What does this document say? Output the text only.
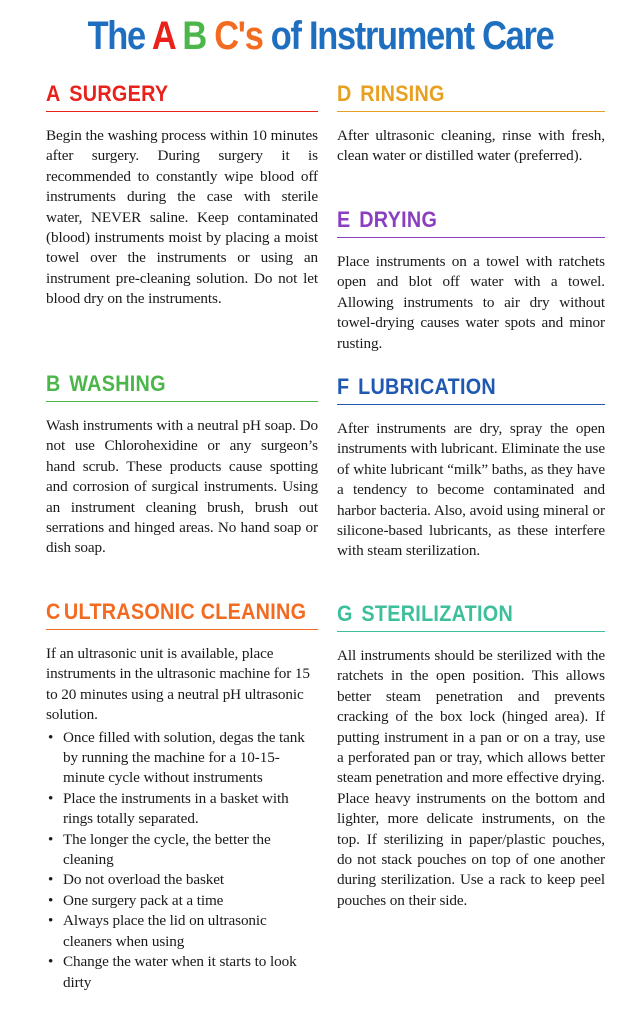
The A B C's of Instrument Care
A SURGERY
Begin the washing process within 10 minutes after surgery. During surgery it is recommended to constantly wipe blood off instruments during the case with sterile water, NEVER saline. Keep contaminated (blood) instruments moist by placing a moist towel over the instruments or using an instrument pre-cleaning solution. Do not let blood dry on the instruments.
B WASHING
Wash instruments with a neutral pH soap. Do not use Chlorohexidine or any surgeon’s hand scrub. These products cause spotting and corrosion of surgical instruments. Using an instrument cleaning brush, brush out serrations and hinged areas. No hand soap or dish soap.
C ULTRASONIC CLEANING
If an ultrasonic unit is available, place instruments in the ultrasonic machine for 15 to 20 minutes using a neutral pH ultrasonic solution.
• Once filled with solution, degas the tank by running the machine for a 10-15-minute cycle without instruments
• Place the instruments in a basket with rings totally separated.
• The longer the cycle, the better the cleaning
• Do not overload the basket
• One surgery pack at a time
• Always place the lid on ultrasonic cleaners when using
• Change the water when it starts to look dirty
D RINSING
After ultrasonic cleaning, rinse with fresh, clean water or distilled water (preferred).
E DRYING
Place instruments on a towel with ratchets open and blot off water with a towel. Allowing instruments to air dry without towel-drying causes water spots and minor rusting.
F LUBRICATION
After instruments are dry, spray the open instruments with lubricant. Eliminate the use of white lubricant “milk” baths, as they have a tendency to become contaminated and harbor bacteria. Also, avoid using mineral or silicone-based lubricants, as these interfere with steam sterilization.
G STERILIZATION
All instruments should be sterilized with the ratchets in the open position. This allows better steam penetration and prevents cracking of the box lock (hinged area). If putting instrument in a pan or on a tray, use a perforated pan or tray, which allows better steam penetration and more effective drying. Place heavy instruments on the bottom and lighter, more delicate instruments, on the top. If sterilizing in paper/plastic pouches, do not stack pouches on top of one another during sterilization. Use a rack to keep peel pouches on their side.
